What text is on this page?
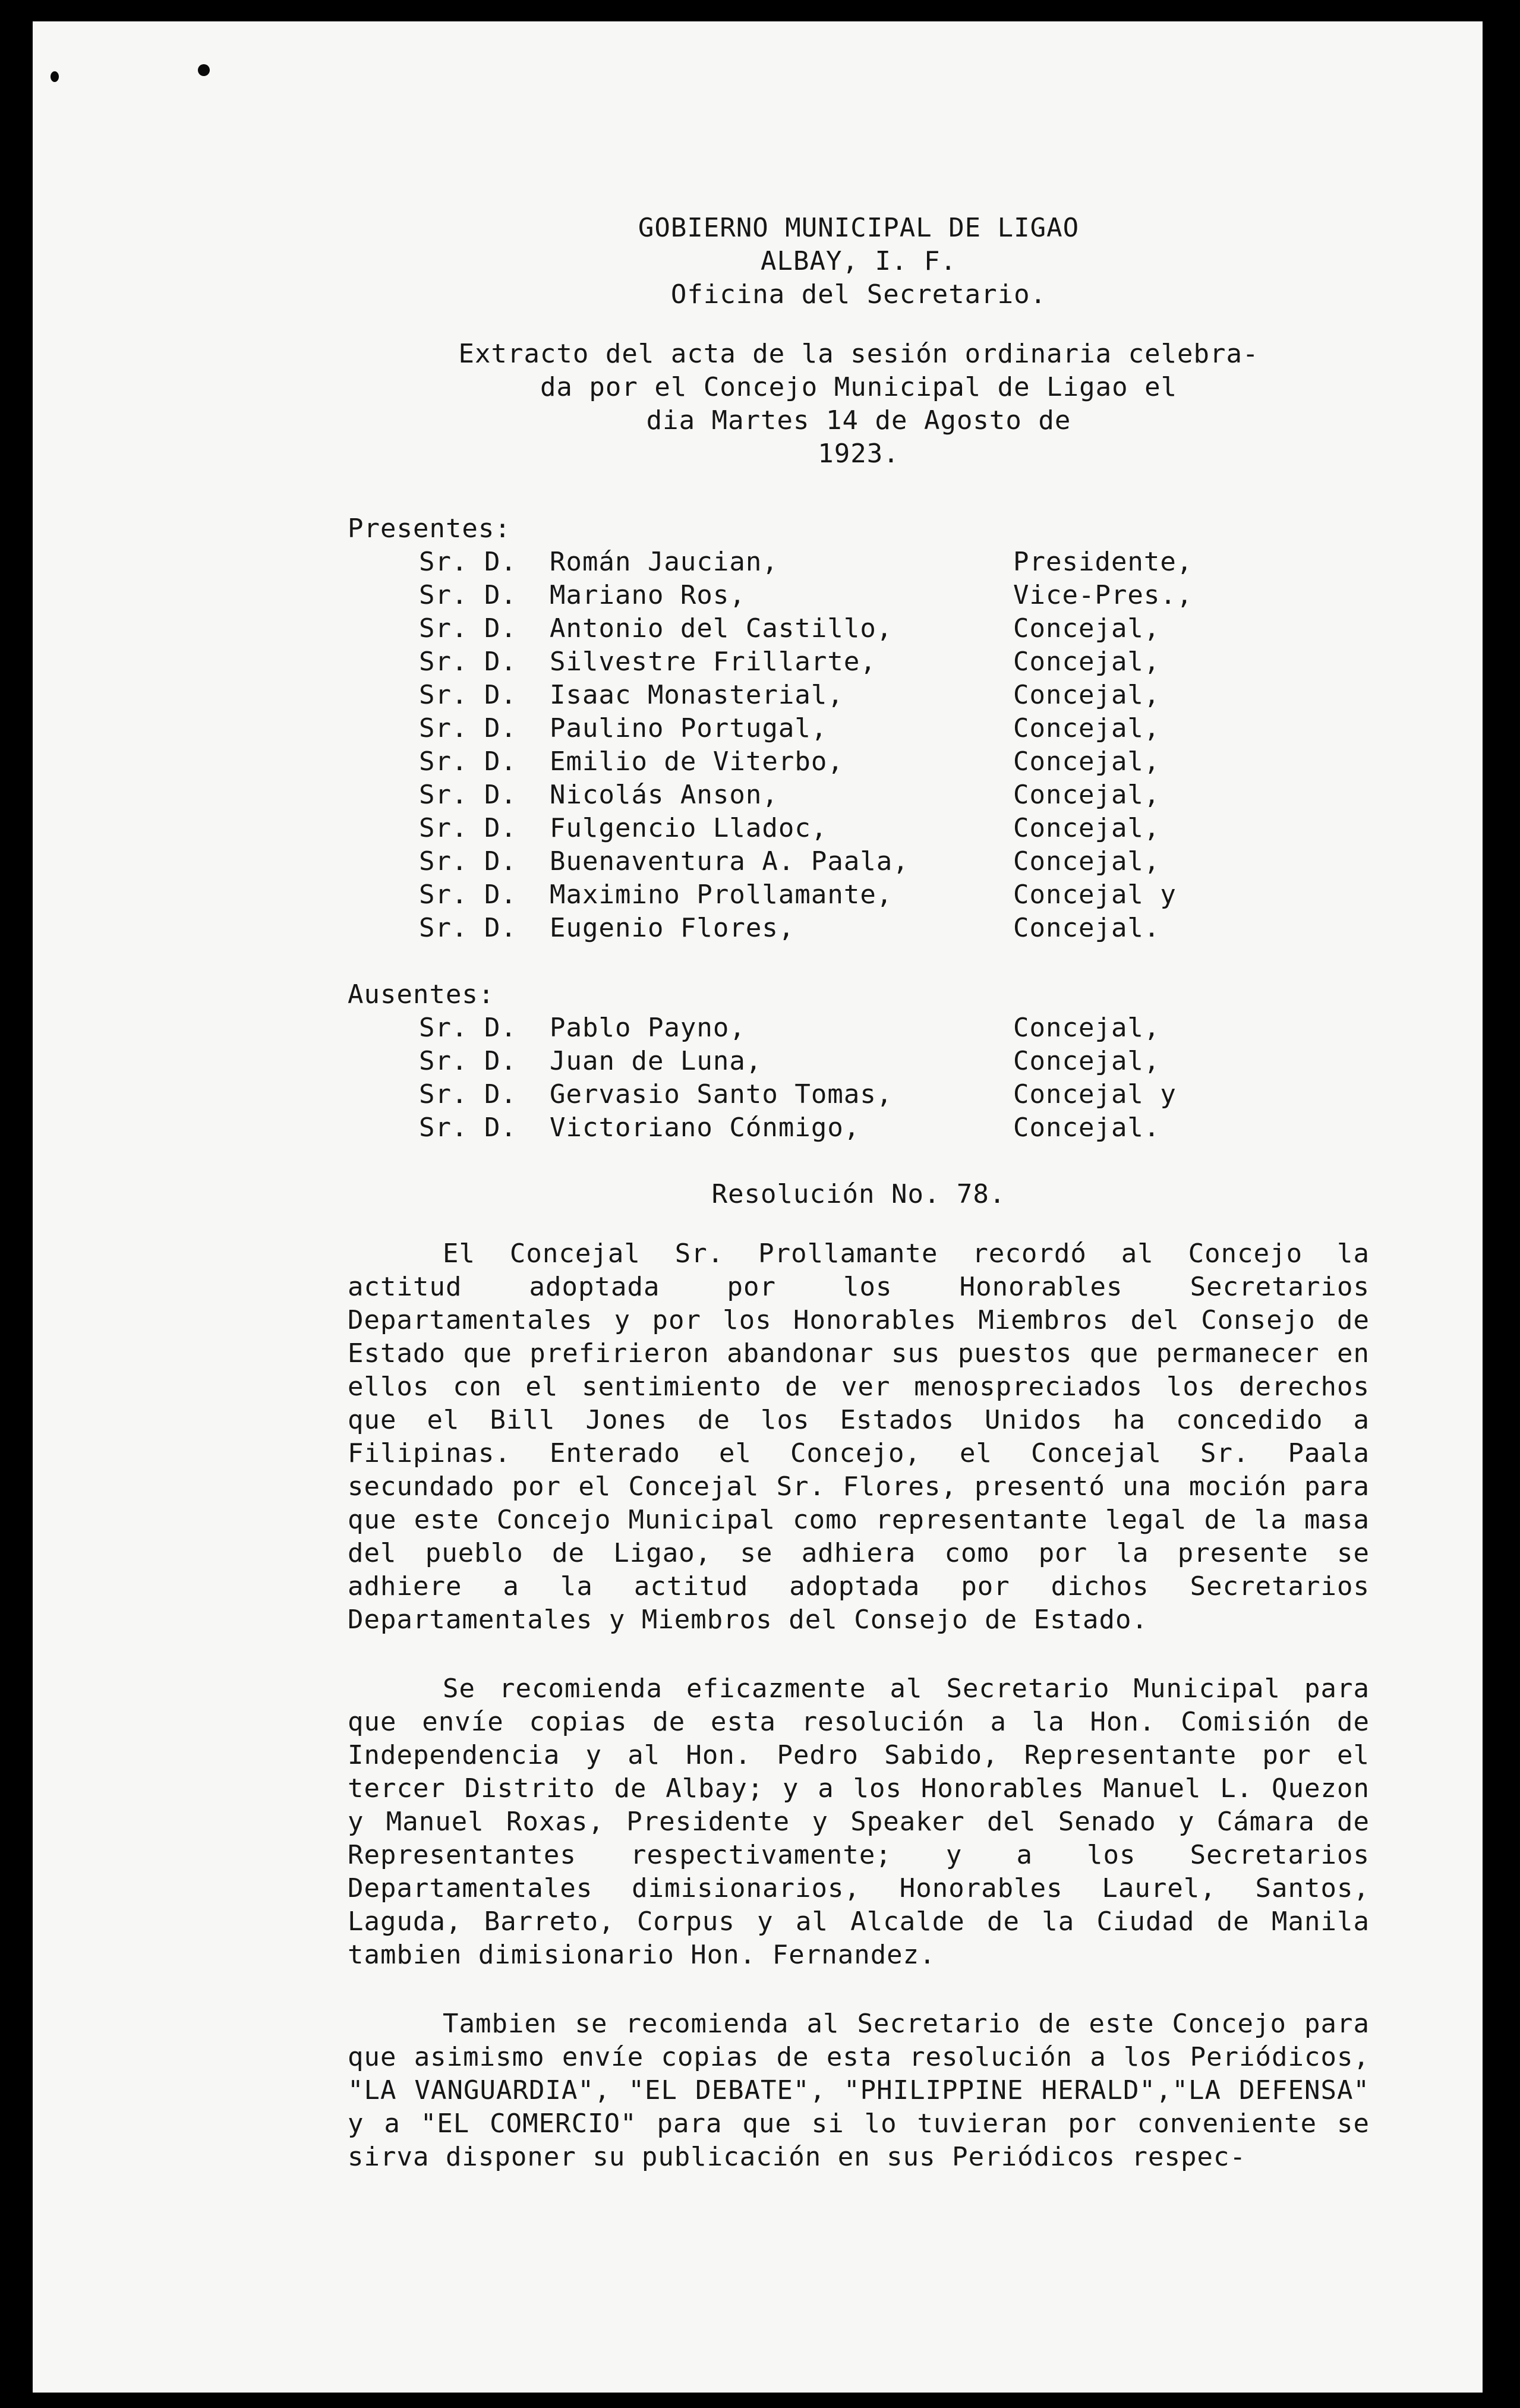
GOBIERNO MUNICIPAL DE LIGAO
ALBAY, I. F.
Oficina del Secretario.
Extracto del acta de la sesión ordinaria celebra-
da por el Concejo Municipal de Ligao el
dia Martes 14 de Agosto de
1923.
Presentes:
Sr. D.	Román Jaucian,	Presidente,
Sr. D.	Mariano Ros,	Vice-Pres.,
Sr. D.	Antonio del Castillo,	Concejal,
Sr. D.	Silvestre Frillarte,	Concejal,
Sr. D.	Isaac Monasterial,	Concejal,
Sr. D.	Paulino Portugal,	Concejal,
Sr. D.	Emilio de Viterbo,	Concejal,
Sr. D.	Nicolás Anson,	Concejal,
Sr. D.	Fulgencio Lladoc,	Concejal,
Sr. D.	Buenaventura A. Paala,	Concejal,
Sr. D.	Maximino Prollamante,	Concejal y
Sr. D.	Eugenio Flores,	Concejal.
Ausentes:
Sr. D.	Pablo Payno,	Concejal,
Sr. D.	Juan de Luna,	Concejal,
Sr. D.	Gervasio Santo Tomas,	Concejal y
Sr. D.	Victoriano Cónmigo,	Concejal.
Resolución No. 78.

El Concejal Sr. Prollamante recordó al Concejo la actitud adoptada por los Honorables Secretarios Departamentales y por los Honorables Miembros del Consejo de Estado que prefirieron abandonar sus puestos que permanecer en ellos con el sentimiento de ver menospreciados los derechos que el Bill Jones de los Estados Unidos ha concedido a Filipinas. Enterado el Concejo, el Concejal Sr. Paala secundado por el Concejal Sr. Flores, presentó una moción para que este Concejo Municipal como representante legal de la masa del pueblo de Ligao, se adhiera como por la presente se adhiere a la actitud adoptada por dichos Secretarios Departamentales y Miembros del Consejo de Estado.

Se recomienda eficazmente al Secretario Municipal para que envíe copias de esta resolución a la Hon. Comisión de Independencia y al Hon. Pedro Sabido, Representante por el tercer Distrito de Albay; y a los Honorables Manuel L. Quezon y Manuel Roxas, Presidente y Speaker del Senado y Cámara de Representantes respectivamente; y a los Secretarios Departamentales dimisionarios, Honorables Laurel, Santos, Laguda, Barreto, Corpus y al Alcalde de la Ciudad de Manila tambien dimisionario Hon. Fernandez.

Tambien se recomienda al Secretario de este Concejo para que asimismo envíe copias de esta resolución a los Periódicos, "LA VANGUARDIA", "EL DEBATE", "PHILIPPINE HERALD","LA DEFENSA" y a "EL COMERCIO" para que si lo tuvieran por conveniente se sirva disponer su publicación en sus Periódicos respec-
